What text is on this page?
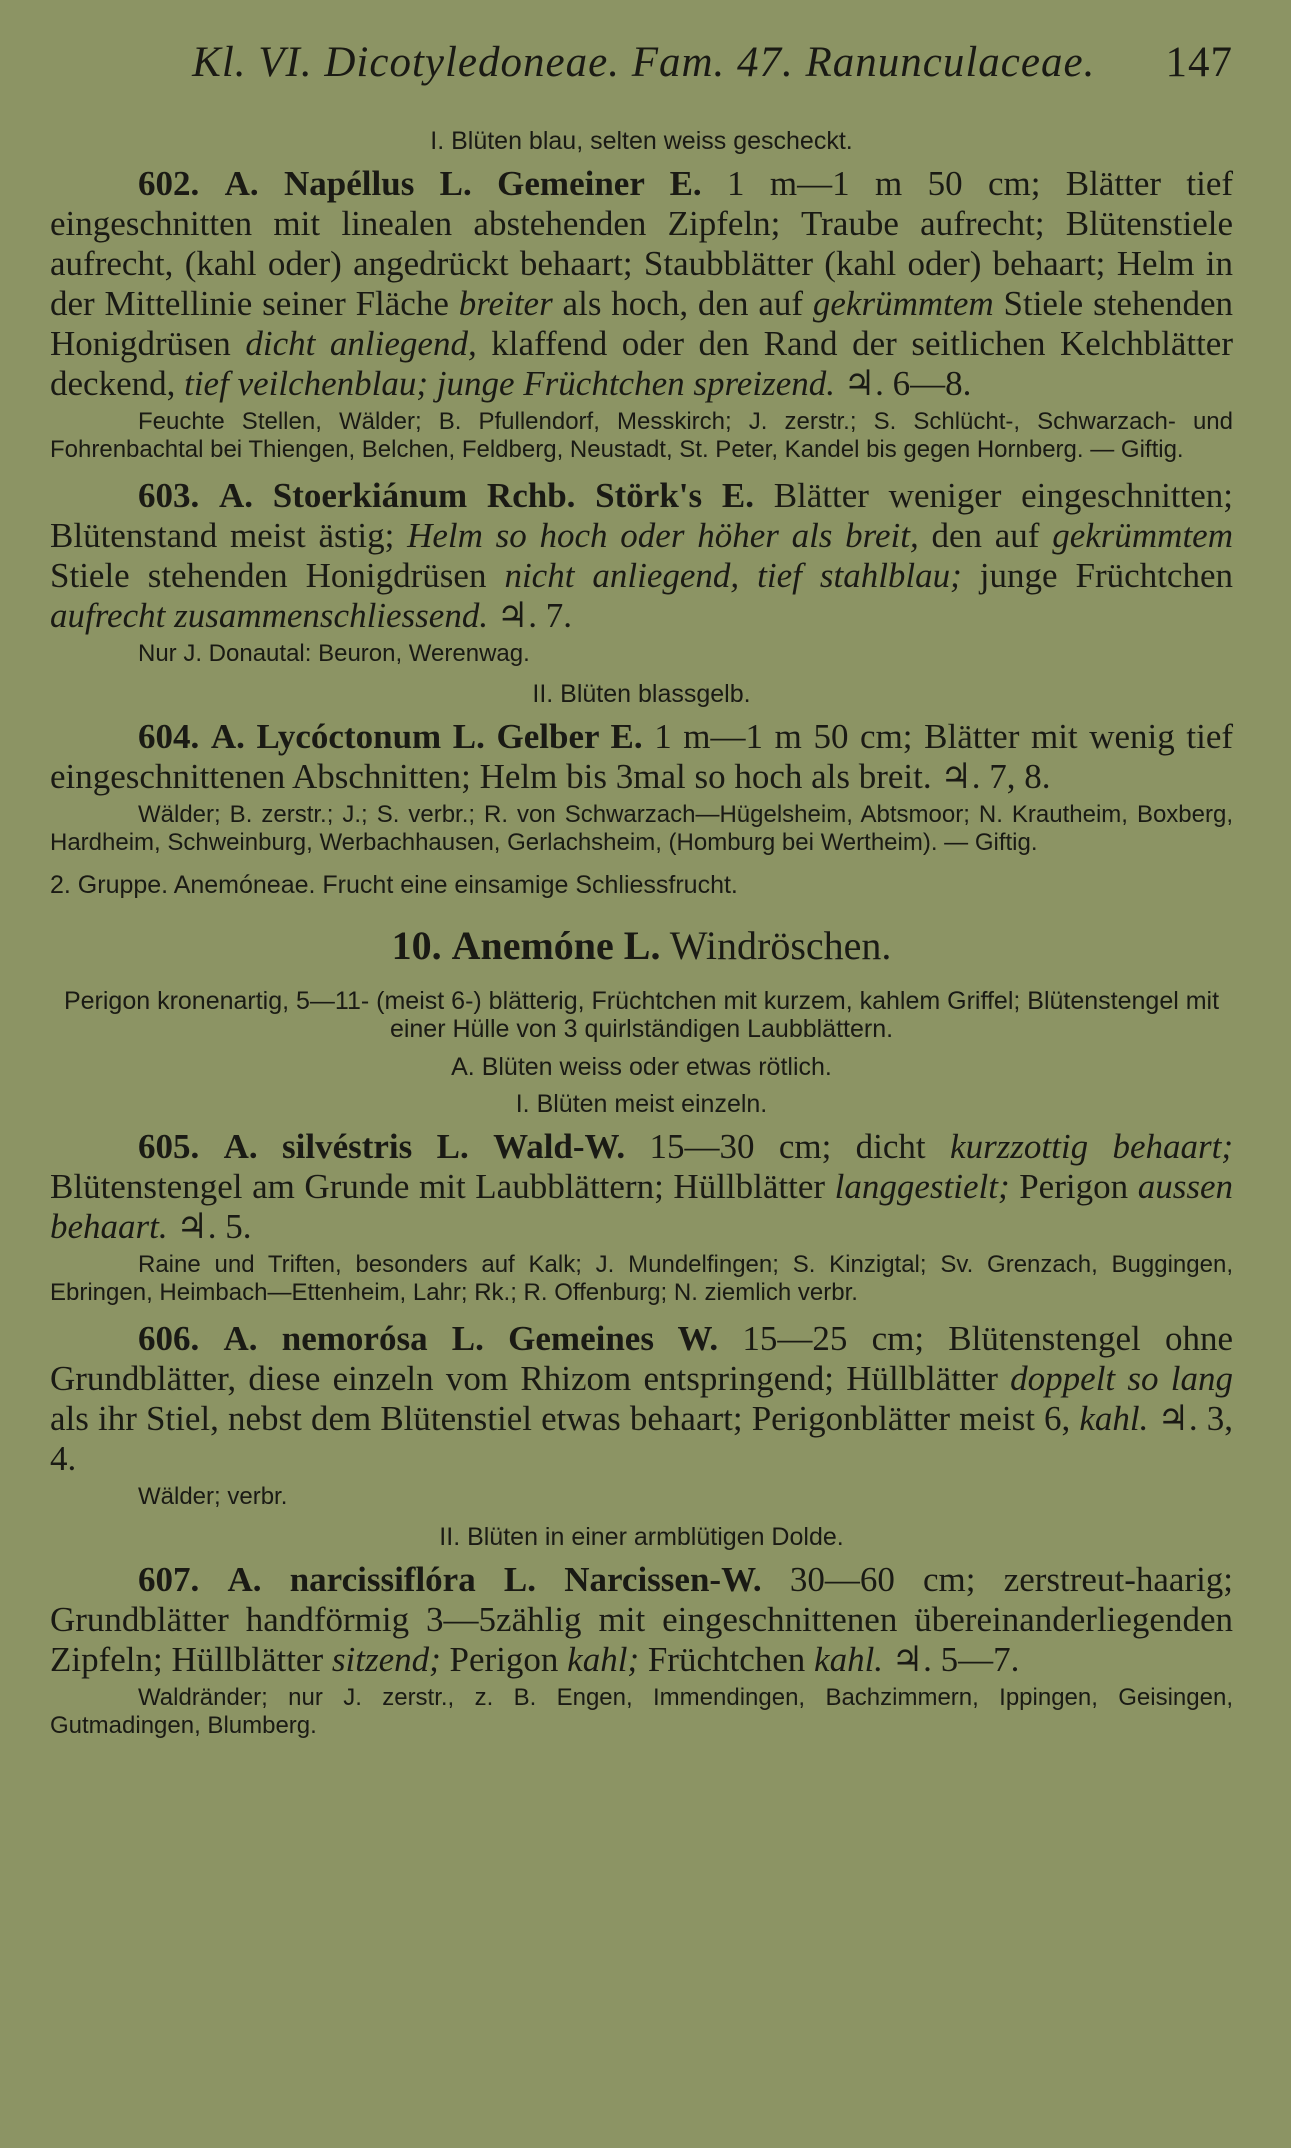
Kl. VI. Dicotyledoneae. Fam. 47. Ranunculaceae.	147
I. Blüten blau, selten weiss gescheckt.

602. A. Napéllus L. Gemeiner E. 1 m—1 m 50 cm; Blätter tief eingeschnitten mit linealen abstehenden Zipfeln; Traube aufrecht; Blütenstiele aufrecht, (kahl oder) angedrückt behaart; Staubblätter (kahl oder) behaart; Helm in der Mittellinie seiner Fläche breiter als hoch, den auf gekrümmtem Stiele stehenden Honigdrüsen dicht anliegend, klaffend oder den Rand der seitlichen Kelchblätter deckend, tief veilchenblau; junge Früchtchen spreizend. ♃. 6—8.

Feuchte Stellen, Wälder; B. Pfullendorf, Messkirch; J. zerstr.; S. Schlücht-, Schwarzach- und Fohrenbachtal bei Thiengen, Belchen, Feldberg, Neustadt, St. Peter, Kandel bis gegen Hornberg. — Giftig.

603. A. Stoerkiánum Rchb. Störk's E. Blätter weniger eingeschnitten; Blütenstand meist ästig; Helm so hoch oder höher als breit, den auf gekrümmtem Stiele stehenden Honigdrüsen nicht anliegend, tief stahlblau; junge Früchtchen aufrecht zusammenschliessend. ♃. 7.

Nur J. Donautal: Beuron, Werenwag.

II. Blüten blassgelb.

604. A. Lycóctonum L. Gelber E. 1 m—1 m 50 cm; Blätter mit wenig tief eingeschnittenen Abschnitten; Helm bis 3mal so hoch als breit. ♃. 7, 8.

Wälder; B. zerstr.; J.; S. verbr.; R. von Schwarzach—Hügelsheim, Abtsmoor; N. Krautheim, Boxberg, Hardheim, Schweinburg, Werbachhausen, Gerlachsheim, (Homburg bei Wertheim). — Giftig.

2. Gruppe. Anemóneae. Frucht eine einsamige Schliessfrucht.
10. Anemóne L. Windröschen.
Perigon kronenartig, 5—11- (meist 6-) blätterig, Früchtchen mit kurzem, kahlem Griffel; Blütenstengel mit einer Hülle von 3 quirlständigen Laubblättern.
A. Blüten weiss oder etwas rötlich.
I. Blüten meist einzeln.

605. A. silvéstris L. Wald-W. 15—30 cm; dicht kurzzottig behaart; Blütenstengel am Grunde mit Laubblättern; Hüllblätter langgestielt; Perigon aussen behaart. ♃. 5.

Raine und Triften, besonders auf Kalk; J. Mundelfingen; S. Kinzigtal; Sv. Grenzach, Buggingen, Ebringen, Heimbach—Ettenheim, Lahr; Rk.; R. Offenburg; N. ziemlich verbr.

606. A. nemorósa L. Gemeines W. 15—25 cm; Blütenstengel ohne Grundblätter, diese einzeln vom Rhizom entspringend; Hüllblätter doppelt so lang als ihr Stiel, nebst dem Blütenstiel etwas behaart; Perigonblätter meist 6, kahl. ♃. 3, 4.

Wälder; verbr.

II. Blüten in einer armblütigen Dolde.

607. A. narcissiflóra L. Narcissen-W. 30—60 cm; zerstreut-haarig; Grundblätter handförmig 3—5zählig mit eingeschnittenen übereinanderliegenden Zipfeln; Hüllblätter sitzend; Perigon kahl; Früchtchen kahl. ♃. 5—7.

Waldränder; nur J. zerstr., z. B. Engen, Immendingen, Bachzimmern, Ippingen, Geisingen, Gutmadingen, Blumberg.
